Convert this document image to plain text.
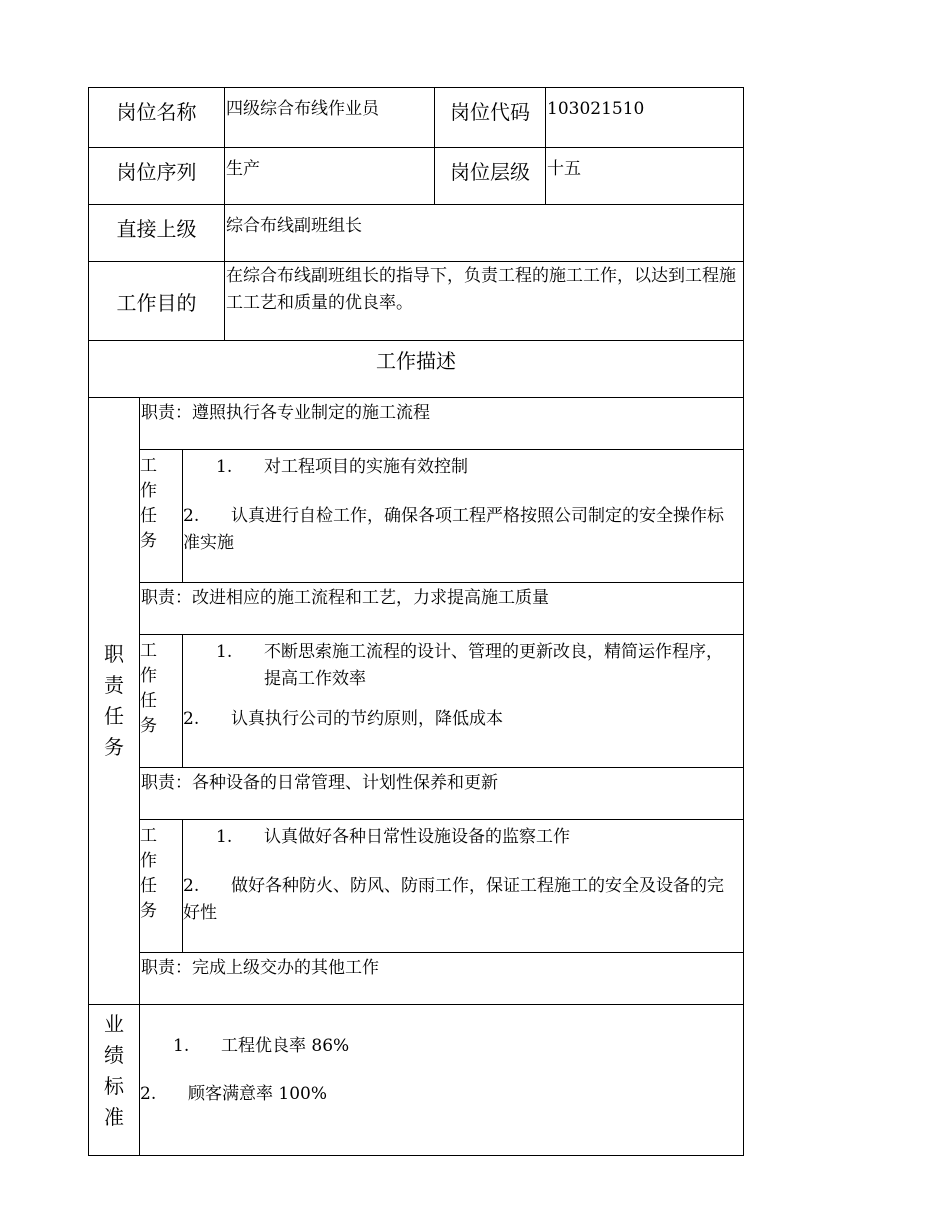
岗位名称			四级综合布线作业员	岗位代码	103021510
岗位序列			生产	岗位层级	十五
直接上级			综合布线副班组长		
工作目的			在综合布线副班组长的指导下，负责工程的施工工作，以达到工程施工工艺和质量的优良率。		
工作描述					

职
责
任
务	职责：遵照执行各专业制定的施工流程				

	工
作
任
务	1. 对工程项目的实施有效控制
2. 认真进行自检工作，确保各项工程严格按照公司制定的安全操作标准实施			

	职责：改进相应的施工流程和工艺，力求提高施工质量				

	工
作
任
务	1. 不断思索施工流程的设计、管理的更新改良，精简运作程序，提高工作效率
2. 认真执行公司的节约原则，降低成本			

	职责：各种设备的日常管理、计划性保养和更新				

	工
作
任
务	1. 认真做好各种日常性设施设备的监察工作
2. 做好各种防火、防风、防雨工作，保证工程施工的安全及设备的完好性			

	职责：完成上级交办的其他工作				

业
绩
标
准	1. 工程优良率 86%
2. 顾客满意率 100%				
